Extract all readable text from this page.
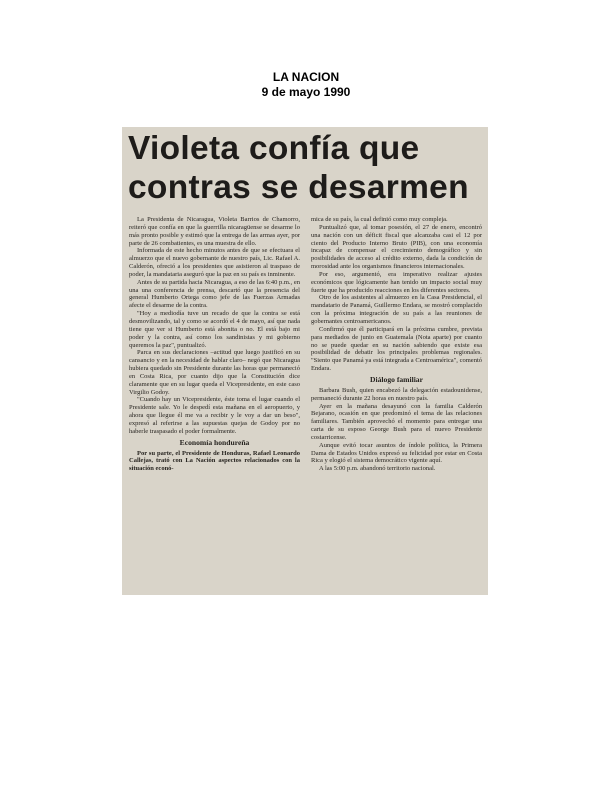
LA NACION
9 de mayo 1990
Violeta confía que
contras se desarmen

La Presidenta de Nicaragua, Violeta Barrios de Chamorro, reiteró que confía en que la guerrilla nicaragüense se desarme lo más pronto posible y estimó que la entrega de las armas ayer, por parte de 26 combatientes, es una muestra de ello.

Informada de este hecho minutos antes de que se efectuara el almuerzo que el nuevo gobernante de nuestro país, Lic. Rafael A. Calderón, ofreció a los presidentes que asistieron al traspaso de poder, la mandataria aseguró que la paz en su país es inminente.

Antes de su partida hacia Nicaragua, a eso de las 6:40 p.m., en una una conferencia de prensa, descartó que la presencia del general Humberto Ortega como jefe de las Fuerzas Armadas afecte el desarme de la contra.

"Hoy a mediodía tuve un recado de que la contra se está desmovilizando, tal y como se acordó el 4 de mayo, así que nada tiene que ver si Humberto está abonita o no. El está bajo mi poder y la contra, así como los sandinistas y mi gobierno queremos la paz", puntualizó.

Parca en sus declaraciones –actitud que luego justificó en su cansancio y en la necesidad de hablar claro– negó que Nicaragua hubiera quedado sin Presidente durante las horas que permaneció en Costa Rica, por cuanto dijo que la Constitución dice claramente que en su lugar queda el Vicepresidente, en este caso Virgilio Godoy.

"Cuando hay un Vicepresidente, éste toma el lugar cuando el Presidente sale. Yo le despedí esta mañana en el aeropuerto, y ahora que llegue él me va a recibir y le voy a dar un beso", expresó al referirse a las supuestas quejas de Godoy por no haberle traspasado el poder formalmente.

Economía hondureña

Por su parte, el Presidente de Honduras, Rafael Leonardo Callejas, trató con La Nación aspectos relacionados con la situación econó-

mica de su país, la cual definió como muy compleja.

Puntualizó que, al tomar posesión, el 27 de enero, encontró una nación con un déficit fiscal que alcanzaba casi el 12 por ciento del Producto Interno Bruto (PIB), con una economía incapaz de compensar el crecimiento demográfico y sin posibilidades de acceso al crédito externo, dada la condición de morosidad ante los organismos financieros internacionales.

Por eso, argumentó, era imperativo realizar ajustes económicos que lógicamente han tenido un impacto social muy fuerte que ha producido reacciones en los diferentes sectores.

Otro de los asistentes al almuerzo en la Casa Presidencial, el mandatario de Panamá, Guillermo Endara, se mostró complacido con la próxima integración de su país a las reuniones de gobernantes centroamericanos.

Confirmó que él participará en la próxima cumbre, prevista para mediados de junio en Guatemala (Nota aparte) por cuanto no se puede quedar en su nación sabiendo que existe esa posibilidad de debatir los principales problemas regionales. "Siento que Panamá ya está integrada a Centroamérica", comentó Endara.

Diálogo familiar

Barbara Bush, quien encabezó la delegación estadounidense, permaneció durante 22 horas en nuestro país.

Ayer en la mañana desayunó con la familia Calderón Bejarano, ocasión en que predominó el tema de las relaciones familiares. También aprovechó el momento para entregar una carta de su esposo George Bush para el nuevo Presidente costarricense.

Aunque evitó tocar asuntos de índole política, la Primera Dama de Estados Unidos expresó su felicidad por estar en Costa Rica y elogió el sistema democrático vigente aquí.

A las 5:00 p.m. abandonó territorio nacional.
